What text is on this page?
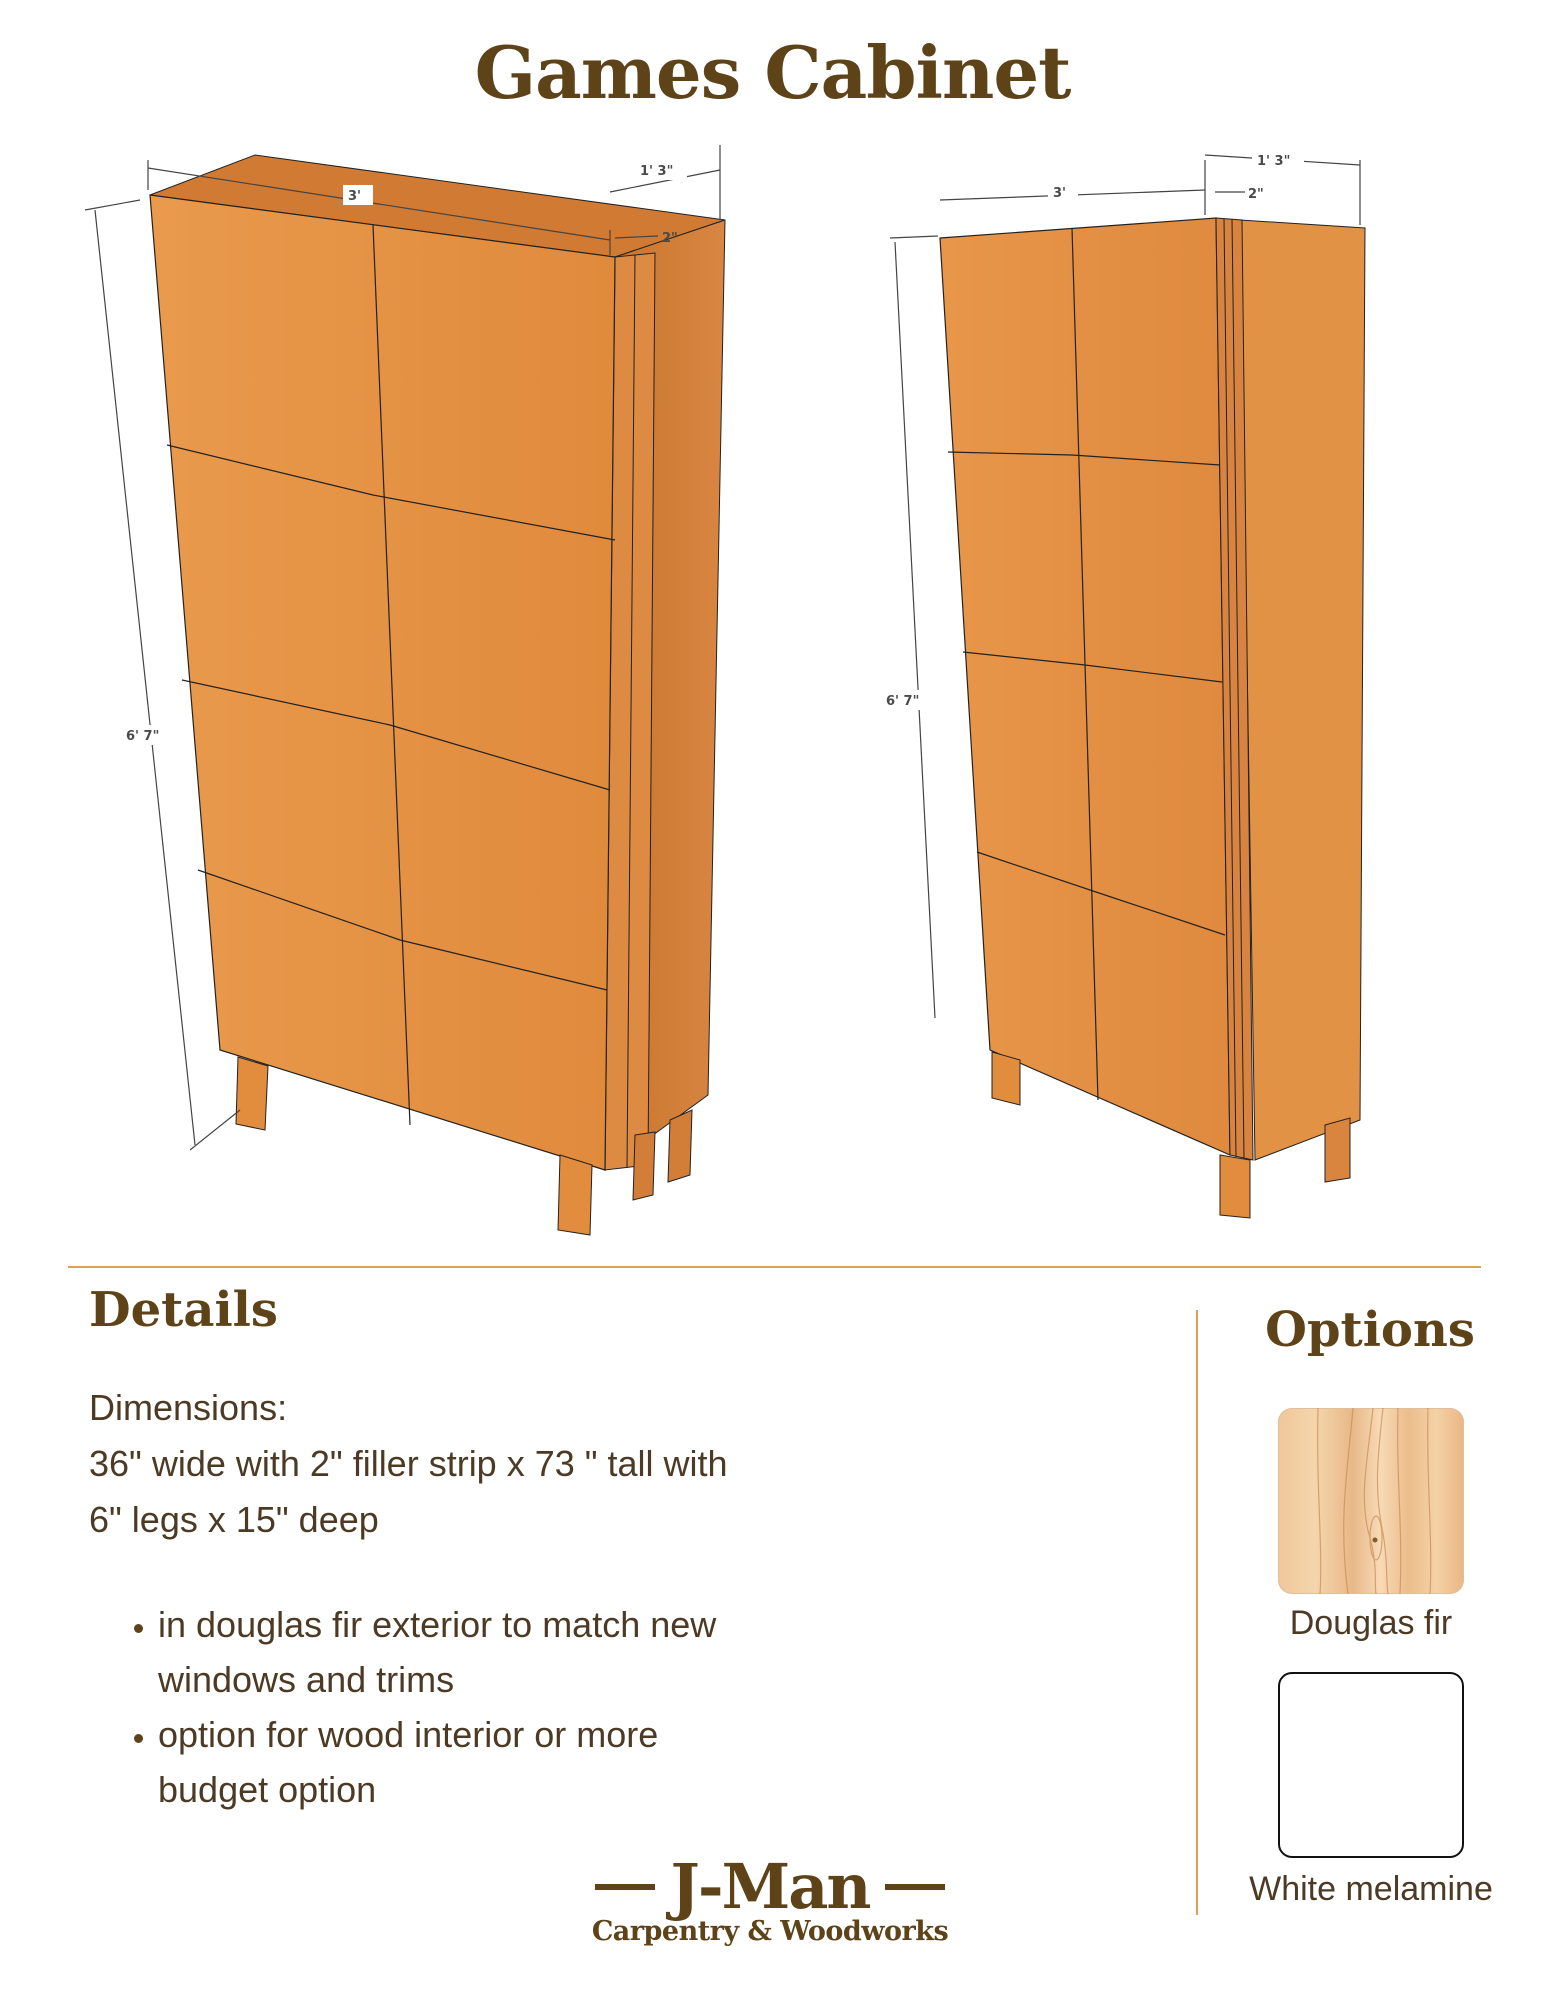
Games Cabinet
3'
1' 3"
2"
6' 7"
3'
1' 3"
2"
6' 7"
Details
Dimensions:
36" wide with 2" filler strip x 73 " tall with
6" legs x 15" deep
• in douglas fir exterior to match new windows and trims
• option for wood interior or more budget option
Options
Douglas fir
White melamine
J-Man
Carpentry & Woodworks
